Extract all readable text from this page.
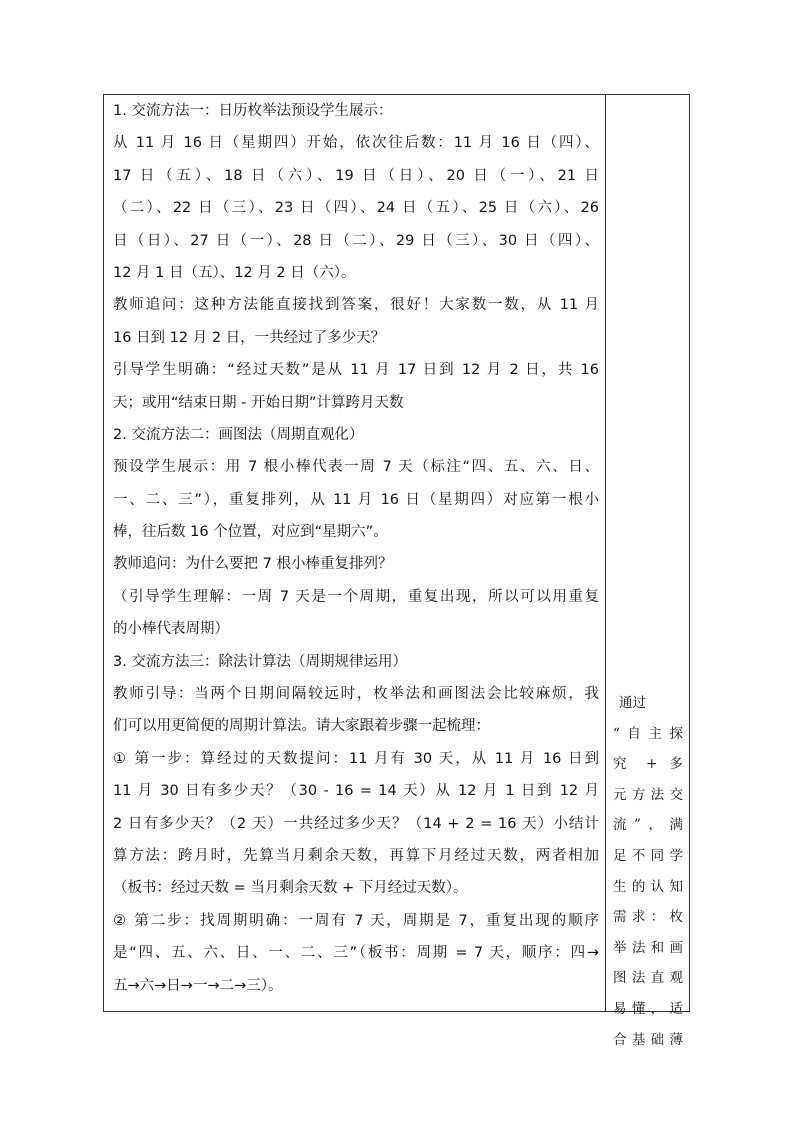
1. 交流方法一：日历枚举法预设学生展示：
从 11 月 16 日（星期四）开始，依次往后数：11 月 16 日（四）、
17 日（五）、18 日（六）、19 日（日）、20 日（一）、21 日
（二）、22 日（三）、23 日（四）、24 日（五）、25 日（六）、26
日（日）、27 日（一）、28 日（二）、29 日（三）、30 日（四）、
12 月 1 日（五）、12 月 2 日（六）。
教师追问：这种方法能直接找到答案，很好！大家数一数，从 11 月
16 日到 12 月 2 日，一共经过了多少天？
引导学生明确：“经过天数”是从 11 月 17 日到 12 月 2 日，共 16
天；或用“结束日期 - 开始日期”计算跨月天数
2. 交流方法二：画图法（周期直观化）
预设学生展示：用 7 根小棒代表一周 7 天（标注“四、五、六、日、
一、二、三”），重复排列，从 11 月 16 日（星期四）对应第一根小
棒，往后数 16 个位置，对应到“星期六”。
教师追问：为什么要把 7 根小棒重复排列？
（引导学生理解：一周 7 天是一个周期，重复出现，所以可以用重复
的小棒代表周期）
3. 交流方法三：除法计算法（周期规律运用）
教师引导：当两个日期间隔较远时，枚举法和画图法会比较麻烦，我
们可以用更简便的周期计算法。请大家跟着步骤一起梳理：
① 第一步：算经过的天数提问：11 月有 30 天，从 11 月 16 日到
11 月 30 日有多少天？（30 - 16 = 14 天）从 12 月 1 日到 12 月
2 日有多少天？（2 天）一共经过多少天？（14 + 2 = 16 天）小结计
算方法：跨月时，先算当月剩余天数，再算下月经过天数，两者相加
（板书：经过天数 = 当月剩余天数 + 下月经过天数）。
② 第二步：找周期明确：一周有 7 天，周期是 7，重复出现的顺序
是“四、五、六、日、一、二、三”（板书：周期 = 7 天，顺序：四→
五→六→日→一→二→三）。
通过
“自主探
究 + 多
元方法交
流”，满
足不同学
生的认知
需求：枚
举法和画
图法直观
易懂，适
合基础薄
